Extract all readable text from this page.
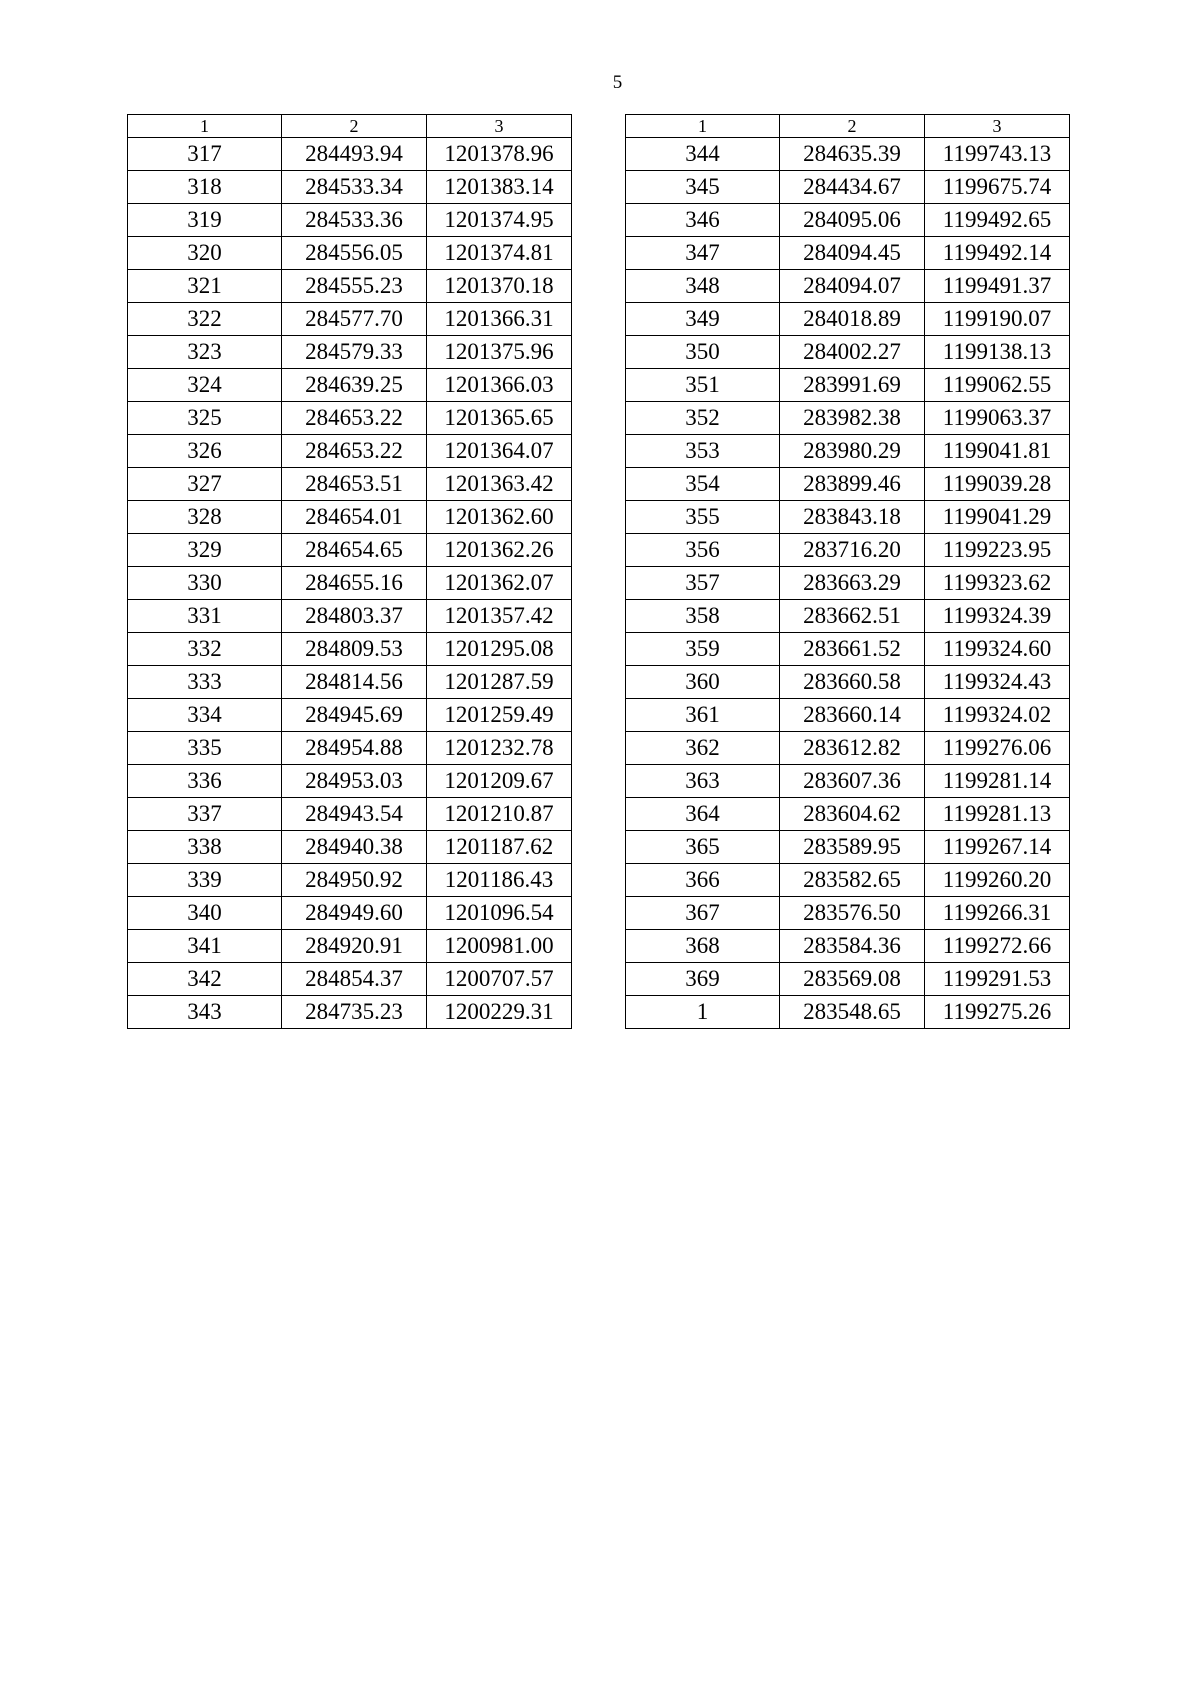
5
1	2	3
317	284493.94	1201378.96
318	284533.34	1201383.14
319	284533.36	1201374.95
320	284556.05	1201374.81
321	284555.23	1201370.18
322	284577.70	1201366.31
323	284579.33	1201375.96
324	284639.25	1201366.03
325	284653.22	1201365.65
326	284653.22	1201364.07
327	284653.51	1201363.42
328	284654.01	1201362.60
329	284654.65	1201362.26
330	284655.16	1201362.07
331	284803.37	1201357.42
332	284809.53	1201295.08
333	284814.56	1201287.59
334	284945.69	1201259.49
335	284954.88	1201232.78
336	284953.03	1201209.67
337	284943.54	1201210.87
338	284940.38	1201187.62
339	284950.92	1201186.43
340	284949.60	1201096.54
341	284920.91	1200981.00
342	284854.37	1200707.57
343	284735.23	1200229.31
1	2	3
344	284635.39	1199743.13
345	284434.67	1199675.74
346	284095.06	1199492.65
347	284094.45	1199492.14
348	284094.07	1199491.37
349	284018.89	1199190.07
350	284002.27	1199138.13
351	283991.69	1199062.55
352	283982.38	1199063.37
353	283980.29	1199041.81
354	283899.46	1199039.28
355	283843.18	1199041.29
356	283716.20	1199223.95
357	283663.29	1199323.62
358	283662.51	1199324.39
359	283661.52	1199324.60
360	283660.58	1199324.43
361	283660.14	1199324.02
362	283612.82	1199276.06
363	283607.36	1199281.14
364	283604.62	1199281.13
365	283589.95	1199267.14
366	283582.65	1199260.20
367	283576.50	1199266.31
368	283584.36	1199272.66
369	283569.08	1199291.53
1	283548.65	1199275.26
